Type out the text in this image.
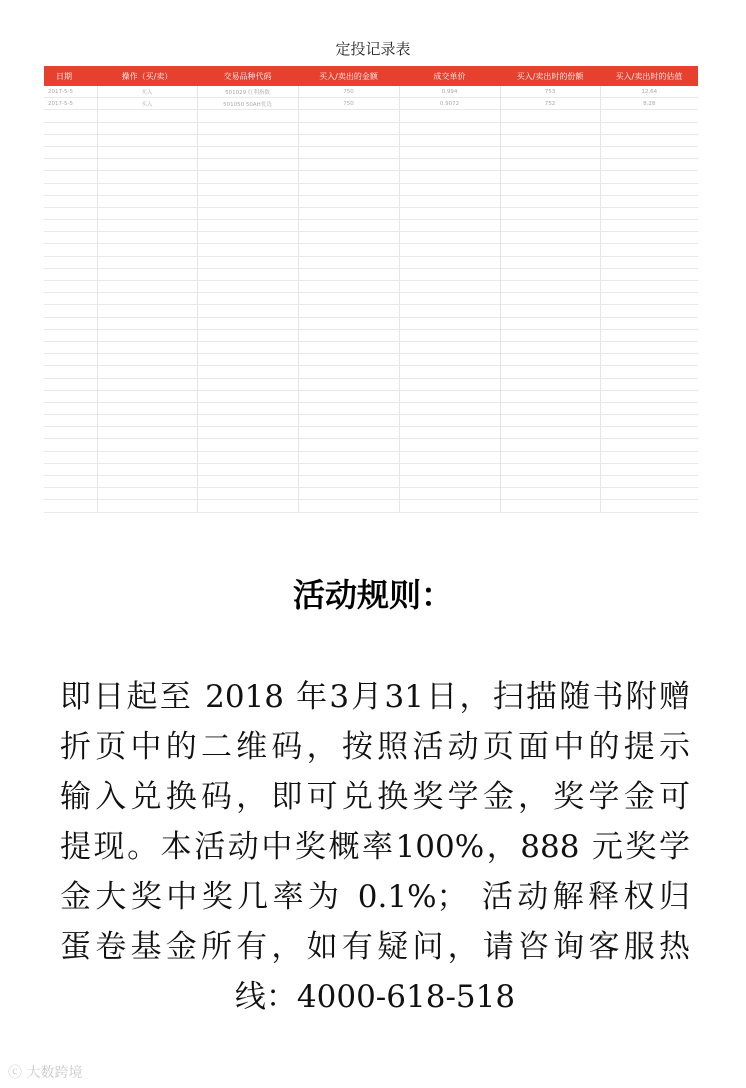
定投记录表
日期	操作（买/卖）	交易品种代码	买入/卖出的金额	成交单价	买入/卖出时的份额	买入/卖出时的估值
2017-5-5	买入	501029 红利指数	750	0.994	753	12.64
2017-5-5	买入	501050 50AH优选	750	0.9072	752	8.28

活动规则：
即日起至 2018 年3月31日，扫描随书附赠
折页中的二维码，按照活动页面中的提示
输入兑换码，即可兑换奖学金，奖学金可
提现。本活动中奖概率100%，888 元奖学
金大奖中奖几率为 0.1%； 活动解释权归
蛋卷基金所有，如有疑问，请咨询客服热
线：4000-618-518
ⓒ 大数跨境
